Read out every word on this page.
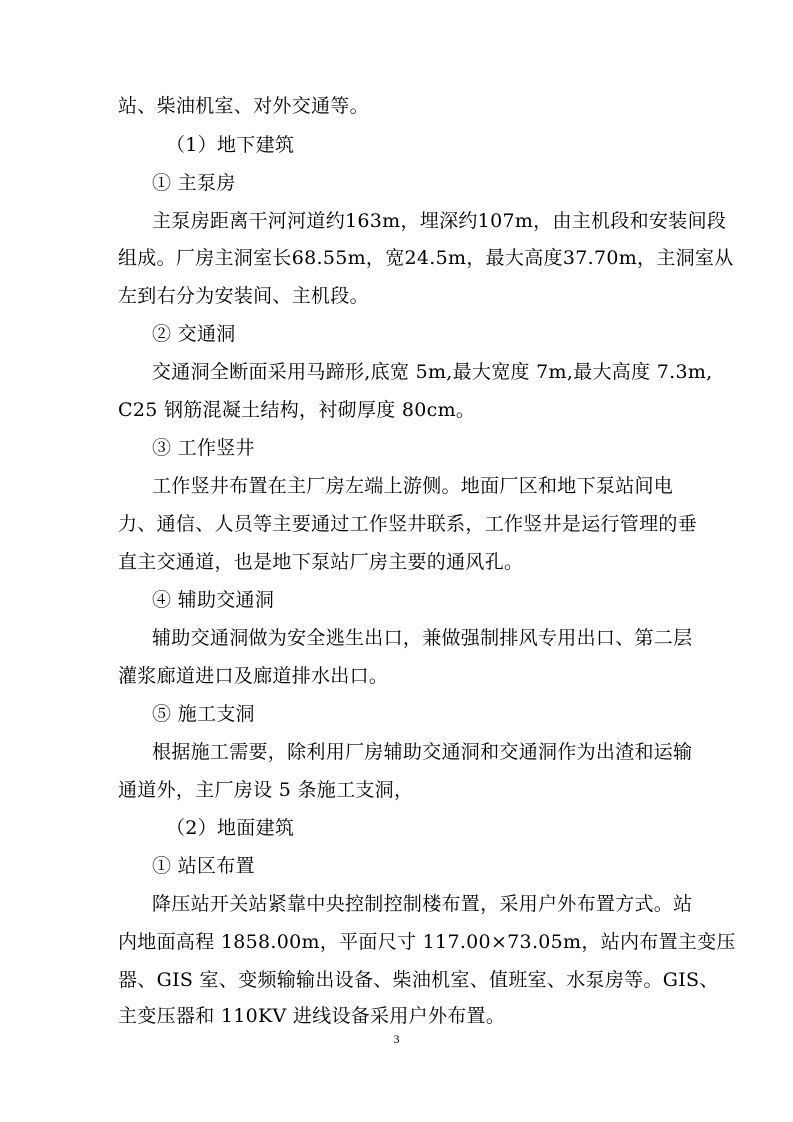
站、柴油机室、对外交通等。
（1）地下建筑
① 主泵房
主泵房距离干河河道约163m，埋深约107m，由主机段和安装间段
组成。厂房主洞室长68.55m，宽24.5m，最大高度37.70m，主洞室从
左到右分为安装间、主机段。
② 交通洞
交通洞全断面采用马蹄形,底宽 5m,最大宽度 7m,最大高度 7.3m,
C25 钢筋混凝土结构，衬砌厚度 80cm。
③ 工作竖井
工作竖井布置在主厂房左端上游侧。地面厂区和地下泵站间电
力、通信、人员等主要通过工作竖井联系，工作竖井是运行管理的垂
直主交通道，也是地下泵站厂房主要的通风孔。
④ 辅助交通洞
辅助交通洞做为安全逃生出口，兼做强制排风专用出口、第二层
灌浆廊道进口及廊道排水出口。
⑤ 施工支洞
根据施工需要，除利用厂房辅助交通洞和交通洞作为出渣和运输
通道外，主厂房设 5 条施工支洞，
（2）地面建筑
① 站区布置
降压站开关站紧靠中央控制控制楼布置，采用户外布置方式。站
内地面高程 1858.00m，平面尺寸 117.00×73.05m，站内布置主变压
器、GIS 室、变频输输出设备、柴油机室、值班室、水泵房等。GIS、
主变压器和 110KV 进线设备采用户外布置。
3
